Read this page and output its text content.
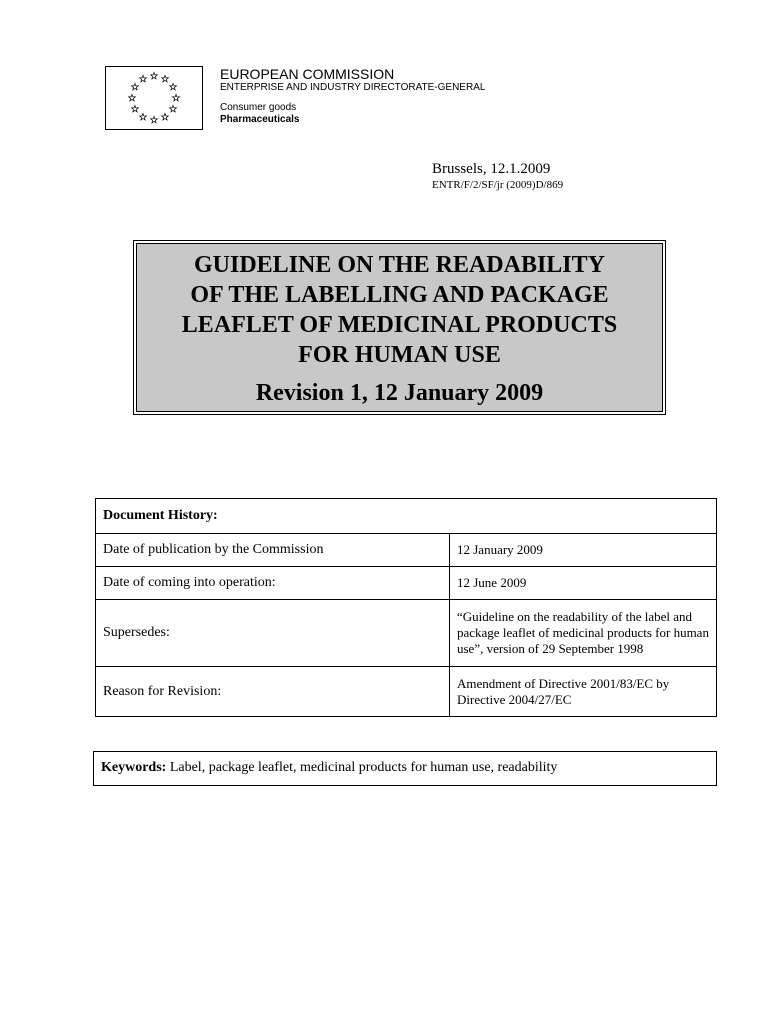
EUROPEAN COMMISSION
ENTERPRISE AND INDUSTRY DIRECTORATE-GENERAL
Consumer goods
Pharmaceuticals
Brussels, 12.1.2009
ENTR/F/2/SF/jr (2009)D/869
GUIDELINE ON THE READABILITY
OF THE LABELLING AND PACKAGE
LEAFLET OF MEDICINAL PRODUCTS
FOR HUMAN USE
Revision 1, 12 January 2009
Document History:	
Date of publication by the Commission	12 January 2009
Date of coming into operation:	12 June 2009
Supersedes:	“Guideline on the readability of the label and package leaflet of medicinal products for human use”, version of 29 September 1998
Reason for Revision:	Amendment of Directive 2001/83/EC by Directive 2004/27/EC
Keywords: Label, package leaflet, medicinal products for human use, readability
